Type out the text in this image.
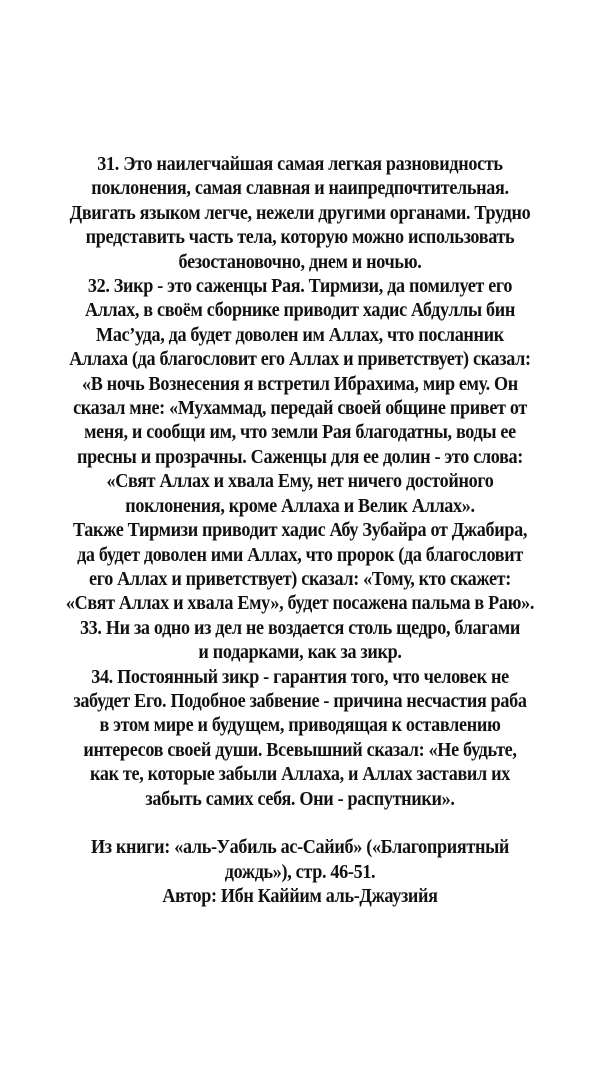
31. Это наилегчайшая самая легкая разновидность
поклонения, самая славная и наипредпочтительная.
Двигать языком легче, нежели другими органами. Трудно
представить часть тела, которую можно использовать
безостановочно, днем и ночью.
32. Зикр - это саженцы Рая. Тирмизи, да помилует его
Аллах, в своём сборнике приводит хадис Абдуллы бин
Мас’уда, да будет доволен им Аллах, что посланник
Аллаха (да благословит его Аллах и приветствует) сказал:
«В ночь Вознесения я встретил Ибрахима, мир ему. Он
сказал мне: «Мухаммад, передай своей общине привет от
меня, и сообщи им, что земли Рая благодатны, воды ее
пресны и прозрачны. Саженцы для ее долин - это слова:
«Свят Аллах и хвала Ему, нет ничего достойного
поклонения, кроме Аллаха и Велик Аллах».
Также Тирмизи приводит хадис Абу Зубайра от Джабира,
да будет доволен ими Аллах, что пророк (да благословит
его Аллах и приветствует) сказал: «Тому, кто скажет:
«Свят Аллах и хвала Ему», будет посажена пальма в Раю».
33. Ни за одно из дел не воздается столь щедро, благами
и подарками, как за зикр.
34. Постоянный зикр - гарантия того, что человек не
забудет Его. Подобное забвение - причина несчастия раба
в этом мире и будущем, приводящая к оставлению
интересов своей души. Всевышний сказал: «Не будьте,
как те, которые забыли Аллаха, и Аллах заставил их
забыть самих себя. Они - распутники».
Из книги: «аль-Уабиль ас-Сайиб» («Благоприятный
дождь»), стр. 46-51.
Автор: Ибн Каййим аль-Джаузийя
